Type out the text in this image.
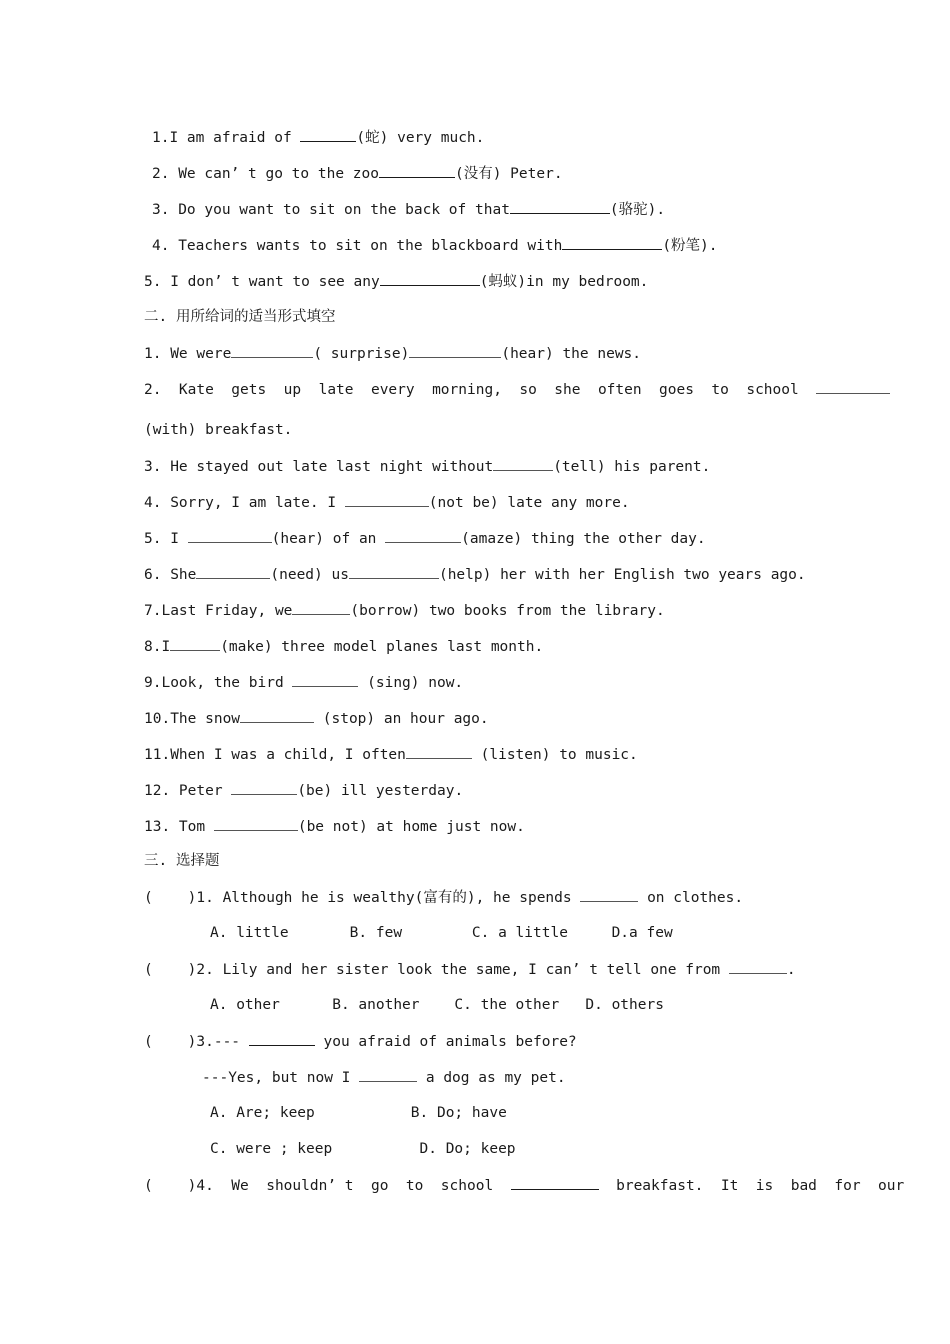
1.I am afraid of	(蛇) very much.
2. We can’ t go to the zoo	(没有) Peter.
3. Do you want to sit on the back of that	(骆驼).
4. Teachers wants to sit on the blackboard with	(粉笔).
5. I don’ t want to see any	(蚂蚁)in my bedroom.
二. 用所给词的适当形式填空
1. We were	( surprise)	(hear) the news.
2.  Kate  gets  up  late  every  morning,  so  she  often  goes  to  school
(with) breakfast.
3. He stayed out late last night without	(tell) his parent.
4. Sorry, I am late. I	(not be) late any more.
5. I	(hear) of an	(amaze) thing the other day.
6. She	(need) us	(help) her with her English two years ago.
7.Last Friday, we	(borrow) two books from the library.
8.I	(make) three model planes last month.
9.Look, the bird	(sing) now.
10.The snow	(stop) an hour ago.
11.When I was a child, I often	(listen) to music.
12. Peter	(be) ill yesterday.
13. Tom	(be not) at home just now.
三. 选择题
(    )1. Although he is wealthy(富有的), he spends	on clothes.
A. little       B. few        C. a little     D.a few
(    )2. Lily and her sister look the same, I can’ t tell one from	.
A. other      B. another    C. the other   D. others
(    )3.---	you afraid of animals before?
---Yes, but now I	a dog as my pet.
A. Are; keep           B. Do; have
C. were ; keep          D. Do; keep
(    )4.  We  shouldn’ t  go  to  school	breakfast.  It  is  bad  for  our
